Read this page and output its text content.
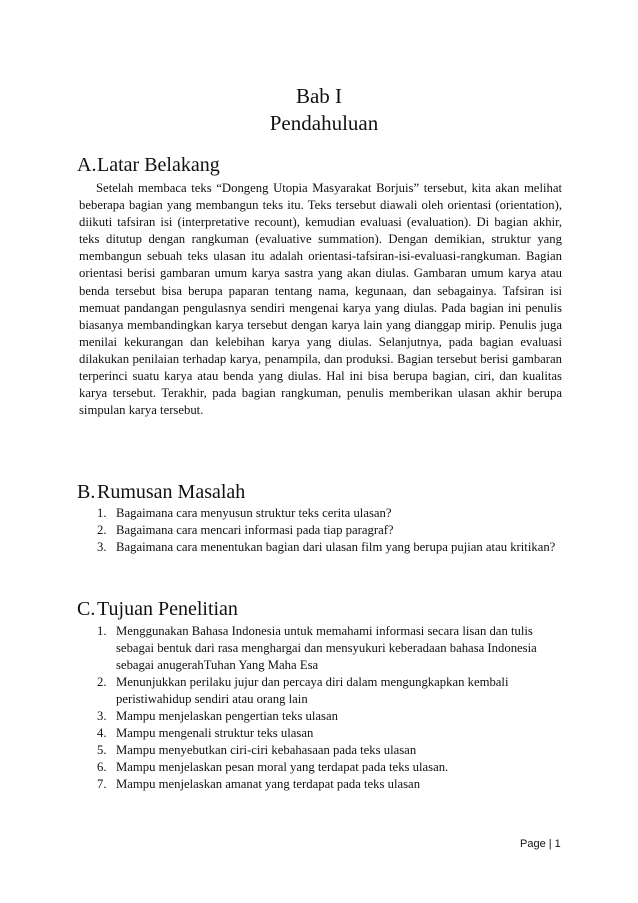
Bab I
Pendahuluan
A.Latar Belakang
Setelah membaca teks “Dongeng Utopia Masyarakat Borjuis” tersebut, kita akan melihat beberapa bagian yang membangun teks itu. Teks tersebut diawali oleh orientasi (orientation), diikuti tafsiran isi (interpretative recount), kemudian evaluasi (evaluation). Di bagian akhir, teks ditutup dengan rangkuman (evaluative summation). Dengan demikian, struktur yang membangun sebuah teks ulasan itu adalah orientasi-tafsiran-isi-evaluasi-rangkuman. Bagian orientasi berisi gambaran umum karya sastra yang akan diulas. Gambaran umum karya atau benda tersebut bisa berupa paparan tentang nama, kegunaan, dan sebagainya. Tafsiran isi memuat pandangan pengulasnya sendiri mengenai karya yang diulas. Pada bagian ini penulis biasanya membandingkan karya tersebut dengan karya lain yang dianggap mirip. Penulis juga menilai kekurangan dan kelebihan karya yang diulas. Selanjutnya, pada bagian evaluasi dilakukan penilaian terhadap karya, penampila, dan produksi. Bagian tersebut berisi gambaran terperinci suatu karya atau benda yang diulas. Hal ini bisa berupa bagian, ciri, dan kualitas karya tersebut. Terakhir, pada bagian rangkuman, penulis memberikan ulasan akhir berupa simpulan karya tersebut.
B.Rumusan Masalah
1. Bagaimana cara menyusun struktur teks cerita ulasan?
2. Bagaimana cara mencari informasi pada tiap paragraf?
3. Bagaimana cara menentukan bagian dari ulasan film yang berupa pujian atau kritikan?
C.Tujuan Penelitian
1. Menggunakan Bahasa Indonesia untuk memahami informasi secara lisan dan tulis sebagai bentuk dari rasa menghargai dan mensyukuri keberadaan bahasa Indonesia sebagai anugerahTuhan Yang Maha Esa
2. Menunjukkan perilaku jujur dan percaya diri dalam mengungkapkan kembali peristiwahidup sendiri atau orang lain
3. Mampu menjelaskan pengertian teks ulasan
4. Mampu mengenali struktur teks ulasan
5. Mampu menyebutkan ciri-ciri kebahasaan pada teks ulasan
6. Mampu menjelaskan pesan moral yang terdapat pada teks ulasan.
7. Mampu menjelaskan amanat yang terdapat pada teks ulasan
Page | 1
